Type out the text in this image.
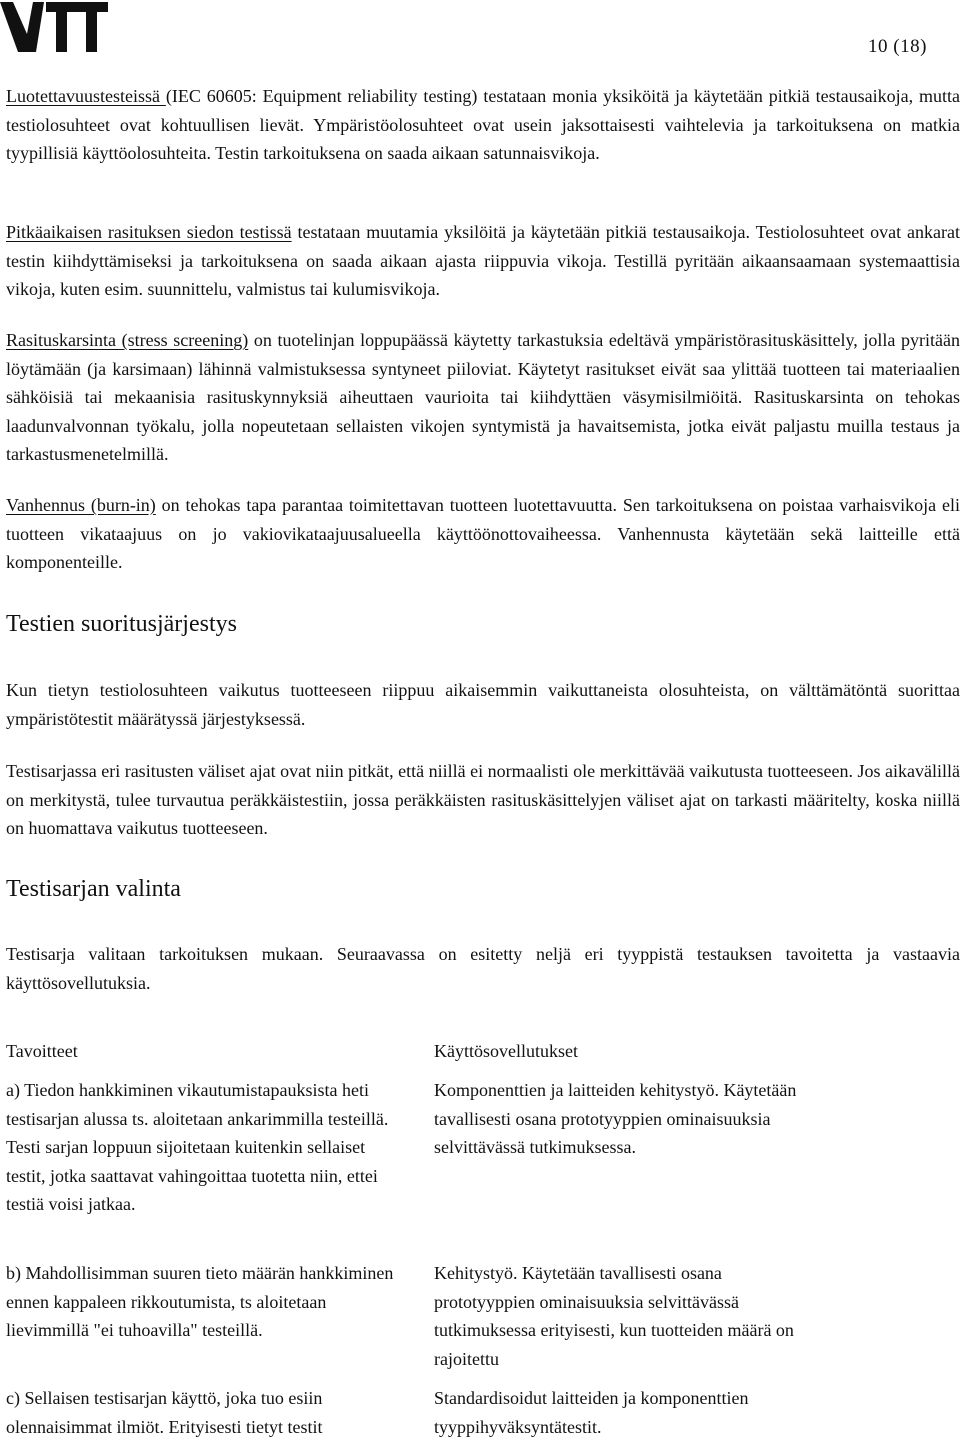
10 (18)

Luotettavuustesteissä (IEC 60605: Equipment reliability testing) testataan monia yksiköitä ja käytetään pitkiä testausaikoja, mutta testiolosuhteet ovat kohtuullisen lievät. Ympäristöolosuhteet ovat usein jaksottaisesti vaihtelevia ja tarkoituksena on matkia tyypillisiä käyttöolosuhteita. Testin tarkoituksena on saada aikaan satunnaisvikoja.

Pitkäaikaisen rasituksen siedon testissä testataan muutamia yksilöitä ja käytetään pitkiä testausaikoja. Testiolosuhteet ovat ankarat testin kiihdyttämiseksi ja tarkoituksena on saada aikaan ajasta riippuvia vikoja. Testillä pyritään aikaansaamaan systemaattisia vikoja, kuten esim. suunnittelu, valmistus tai kulumisvikoja.

Rasituskarsinta (stress screening) on tuotelinjan loppupäässä käytetty tarkastuksia edeltävä ympäristörasituskäsittely, jolla pyritään löytämään (ja karsimaan) lähinnä valmistuksessa syntyneet piiloviat. Käytetyt rasitukset eivät saa ylittää tuotteen tai materiaalien sähköisiä tai mekaanisia rasituskynnyksiä aiheuttaen vaurioita tai kiihdyttäen väsymisilmiöitä. Rasituskarsinta on tehokas laadunvalvonnan työkalu, jolla nopeutetaan sellaisten vikojen syntymistä ja havaitsemista, jotka eivät paljastu muilla testaus ja tarkastusmenetelmillä.

Vanhennus (burn-in) on tehokas tapa parantaa toimitettavan tuotteen luotettavuutta. Sen tarkoituksena on poistaa varhaisvikoja eli tuotteen vikataajuus on jo vakiovikataajuusalueella käyttöönottovaiheessa. Vanhennusta käytetään sekä laitteille että komponenteille.

Testien suoritusjärjestys

Kun tietyn testiolosuhteen vaikutus tuotteeseen riippuu aikaisemmin vaikuttaneista olosuhteista, on välttämätöntä suorittaa ympäristötestit määrätyssä järjestyksessä.

Testisarjassa eri rasitusten väliset ajat ovat niin pitkät, että niillä ei normaalisti ole merkittävää vaikutusta tuotteeseen. Jos aikavälillä on merkitystä, tulee turvautua peräkkäistestiin, jossa peräkkäisten rasituskäsittelyjen väliset ajat on tarkasti määritelty, koska niillä on huomattava vaikutus tuotteeseen.

Testisarjan valinta

Testisarja valitaan tarkoituksen mukaan. Seuraavassa on esitetty neljä eri tyyppistä testauksen tavoitetta ja vastaavia käyttösovellutuksia.

Tavoitteet	Käyttösovellutukset
a) Tiedon hankkiminen vikautumistapauksista heti testisarjan alussa ts. aloitetaan ankarimmilla testeillä. Testi sarjan loppuun sijoitetaan kuitenkin sellaiset testit, jotka saattavat vahingoittaa tuotetta niin, ettei testiä voisi jatkaa.
Komponenttien ja laitteiden kehitystyö. Käytetään tavallisesti osana prototyyppien ominaisuuksia selvittävässä tutkimuksessa.
b) Mahdollisimman suuren tieto määrän hankkiminen ennen kappaleen rikkoutumista, ts aloitetaan lievimmillä "ei tuhoavilla" testeillä.
Kehitystyö. Käytetään tavallisesti osana prototyyppien ominaisuuksia selvittävässä tutkimuksessa erityisesti, kun tuotteiden määrä on rajoitettu
c) Sellaisen testisarjan käyttö, joka tuo esiin olennaisimmat ilmiöt. Erityisesti tietyt testit
Standardisoidut laitteiden ja komponenttien tyyppihyväksyntätestit.
